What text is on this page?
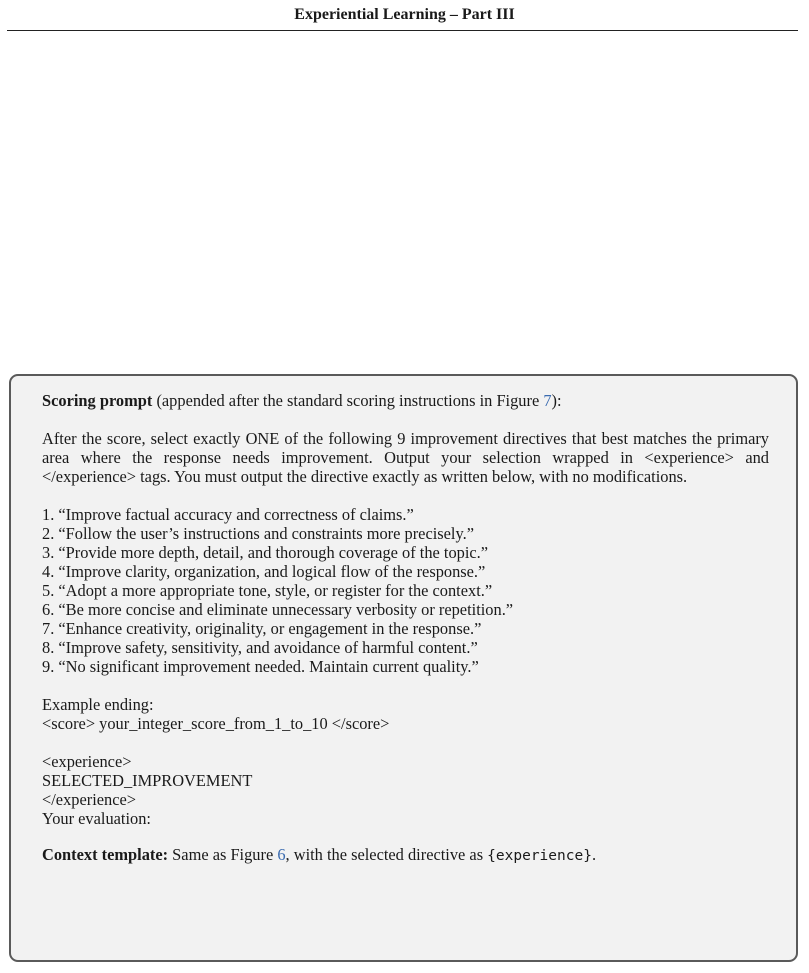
Experiential Learning – Part III

Scoring prompt (appended after the standard scoring instructions in Figure 7):

After the score, select exactly ONE of the following 9 improvement directives that best matches the primary area where the response needs improvement. Output your selection wrapped in <experience> and </experience> tags. You must output the directive exactly as written below, with no modifications.

1. “Improve factual accuracy and correctness of claims.”
2. “Follow the user’s instructions and constraints more precisely.”
3. “Provide more depth, detail, and thorough coverage of the topic.”
4. “Improve clarity, organization, and logical flow of the response.”
5. “Adopt a more appropriate tone, style, or register for the context.”
6. “Be more concise and eliminate unnecessary verbosity or repetition.”
7. “Enhance creativity, originality, or engagement in the response.”
8. “Improve safety, sensitivity, and avoidance of harmful content.”
9. “No significant improvement needed. Maintain current quality.”

Example ending:

<score> your_integer_score_from_1_to_10 </score>

<experience>

SELECTED_IMPROVEMENT

</experience>

Your evaluation:

Context template: Same as Figure 6, with the selected directive as {experience}.
